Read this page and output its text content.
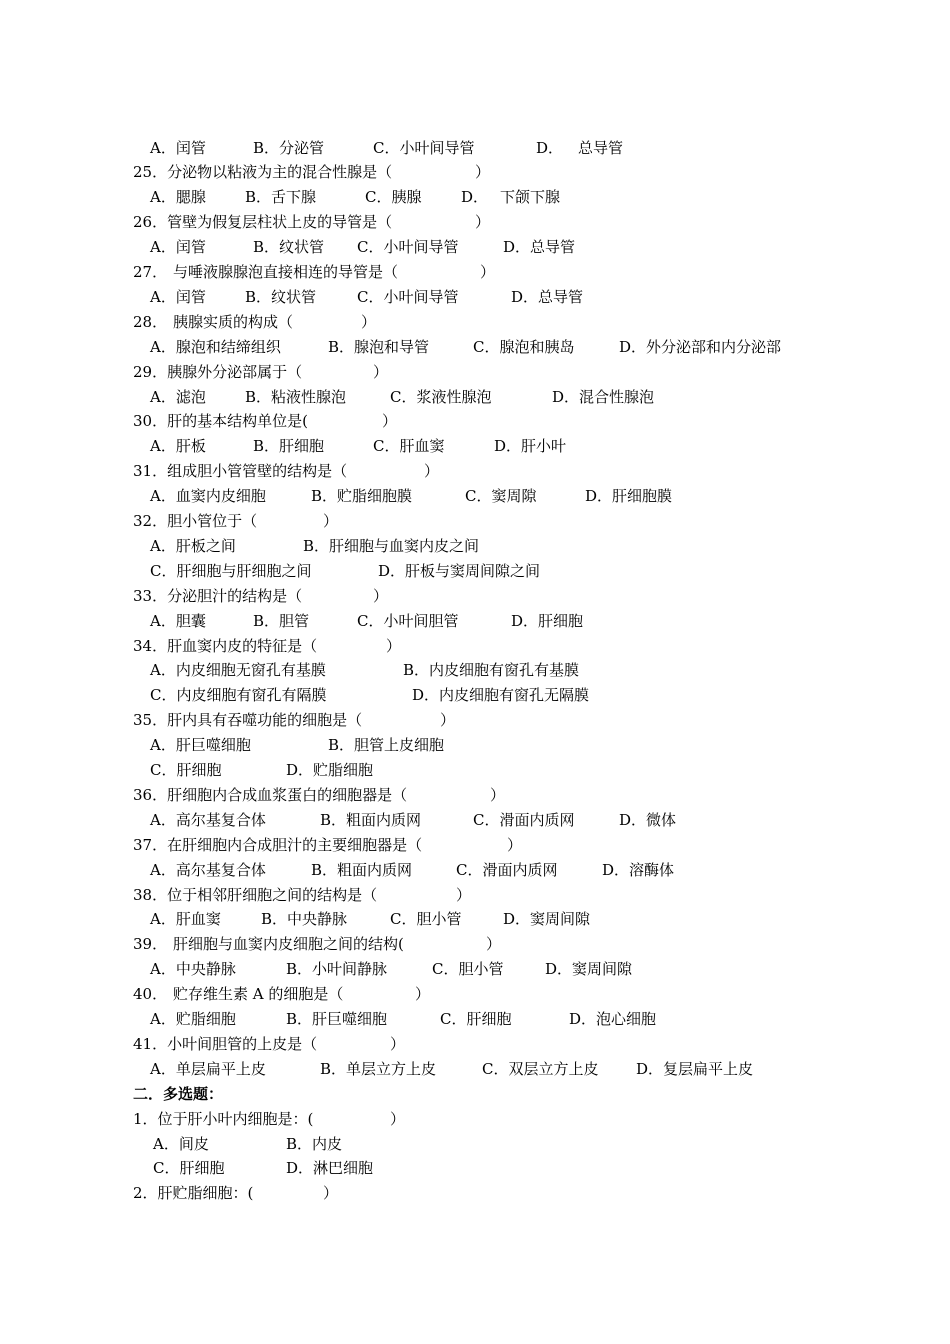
A．闰管	B．分泌管	C．小叶间导管	D． 总导管
25．分泌物以粘液为主的混合性腺是（	）
A．腮腺	B．舌下腺	C．胰腺	D． 下颌下腺
26．管壁为假复层柱状上皮的导管是（	）
A．闰管	B．纹状管 C．小叶间导管	D．总导管
27． 与唾液腺腺泡直接相连的导管是（	）
A．闰管	B．纹状管	C．小叶间导管	D．总导管
28． 胰腺实质的构成（	）
A．腺泡和结缔组织	B．腺泡和导管	C．腺泡和胰岛	D．外分泌部和内分泌部
29．胰腺外分泌部属于（	）
A．滤泡	B．粘液性腺泡	C．浆液性腺泡	D．混合性腺泡
30．肝的基本结构单位是(	）
A．肝板	B．肝细胞	C．肝血窦	D．肝小叶
31．组成胆小管管壁的结构是（	）
A．血窦内皮细胞	B．贮脂细胞膜	C．窦周隙	D．肝细胞膜
32．胆小管位于（	）
A．肝板之间	B．肝细胞与血窦内皮之间
C．肝细胞与肝细胞之间	D．肝板与窦周间隙之间
33．分泌胆汁的结构是（	）
A．胆囊	B．胆管	C．小叶间胆管	D．肝细胞
34．肝血窦内皮的特征是（	）
A．内皮细胞无窗孔有基膜	B．内皮细胞有窗孔有基膜
C．内皮细胞有窗孔有隔膜	D．内皮细胞有窗孔无隔膜
35．肝内具有吞噬功能的细胞是（	）
A．肝巨噬细胞	B．胆管上皮细胞
C．肝细胞	D．贮脂细胞
36．肝细胞内合成血浆蛋白的细胞器是（	）
A．高尔基复合体	B．粗面内质网	C．滑面内质网	D．微体
37．在肝细胞内合成胆汁的主要细胞器是（	）
A．高尔基复合体	B．粗面内质网	C．滑面内质网	D．溶酶体
38．位于相邻肝细胞之间的结构是（	）
A．肝血窦	B．中央静脉	C．胆小管	D．窦周间隙
39． 肝细胞与血窦内皮细胞之间的结构(	）
A．中央静脉	B．小叶间静脉	C．胆小管	D．窦周间隙
40． 贮存维生素 A 的细胞是（	）
A．贮脂细胞	B．肝巨噬细胞	C．肝细胞	D．泡心细胞
41．小叶间胆管的上皮是（	）
A．单层扁平上皮	B．单层立方上皮	C．双层立方上皮	D．复层扁平上皮
二．多选题：
1．位于肝小叶内细胞是：(	）
A．间皮	B．内皮
C．肝细胞	D．淋巴细胞
2．肝贮脂细胞：(	）
